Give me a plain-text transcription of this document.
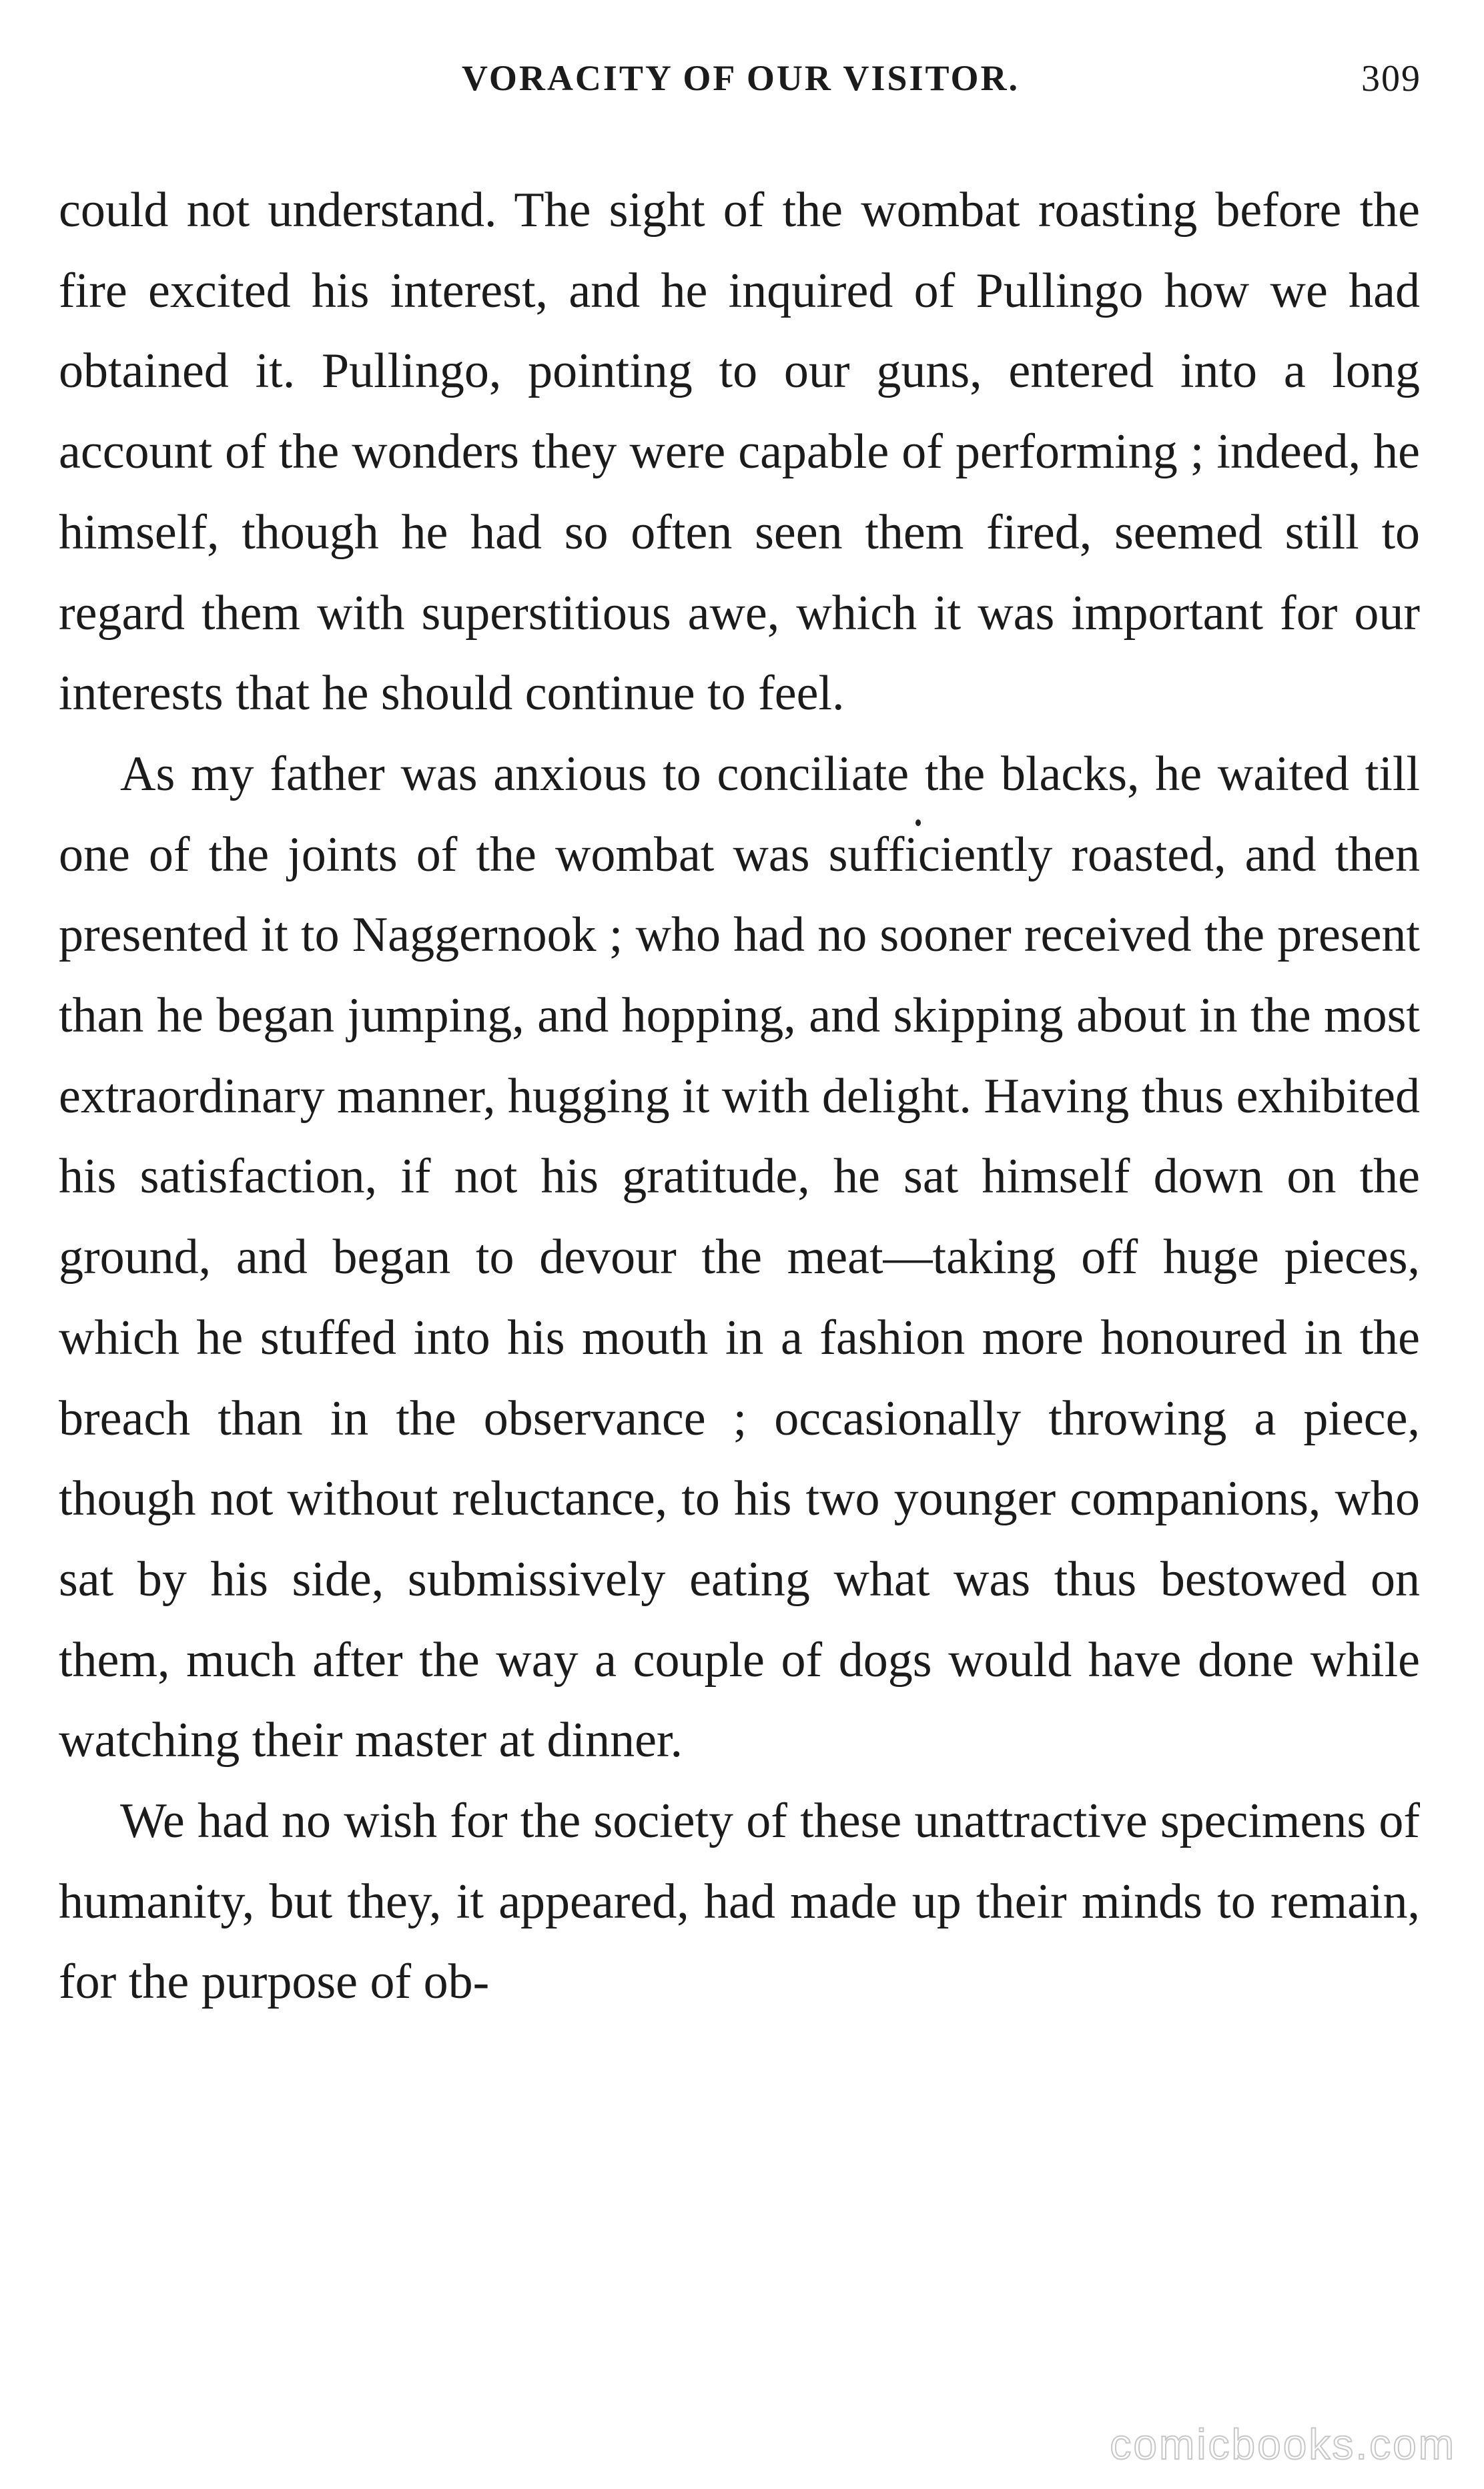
VORACITY OF OUR VISITOR.	309

could not understand. The sight of the wombat roasting before the fire excited his interest, and he inquired of Pullingo how we had obtained it. Pullingo, pointing to our guns, entered into a long account of the wonders they were capable of performing ; indeed, he himself, though he had so often seen them fired, seemed still to regard them with superstitious awe, which it was important for our interests that he should continue to feel.

As my father was anxious to conciliate the blacks, he waited till one of the joints of the wombat was sufficiently roasted, and then presented it to Naggernook ; who had no sooner received the present than he began jumping, and hopping, and skipping about in the most extraordinary manner, hugging it with delight. Having thus exhibited his satisfaction, if not his gratitude, he sat himself down on the ground, and began to devour the meat—taking off huge pieces, which he stuffed into his mouth in a fashion more honoured in the breach than in the observance ; occasionally throwing a piece, though not without reluctance, to his two younger companions, who sat by his side, submissively eating what was thus bestowed on them, much after the way a couple of dogs would have done while watching their master at dinner.

We had no wish for the society of these unattractive specimens of humanity, but they, it appeared, had made up their minds to remain, for the purpose of ob-

comicbooks.com
